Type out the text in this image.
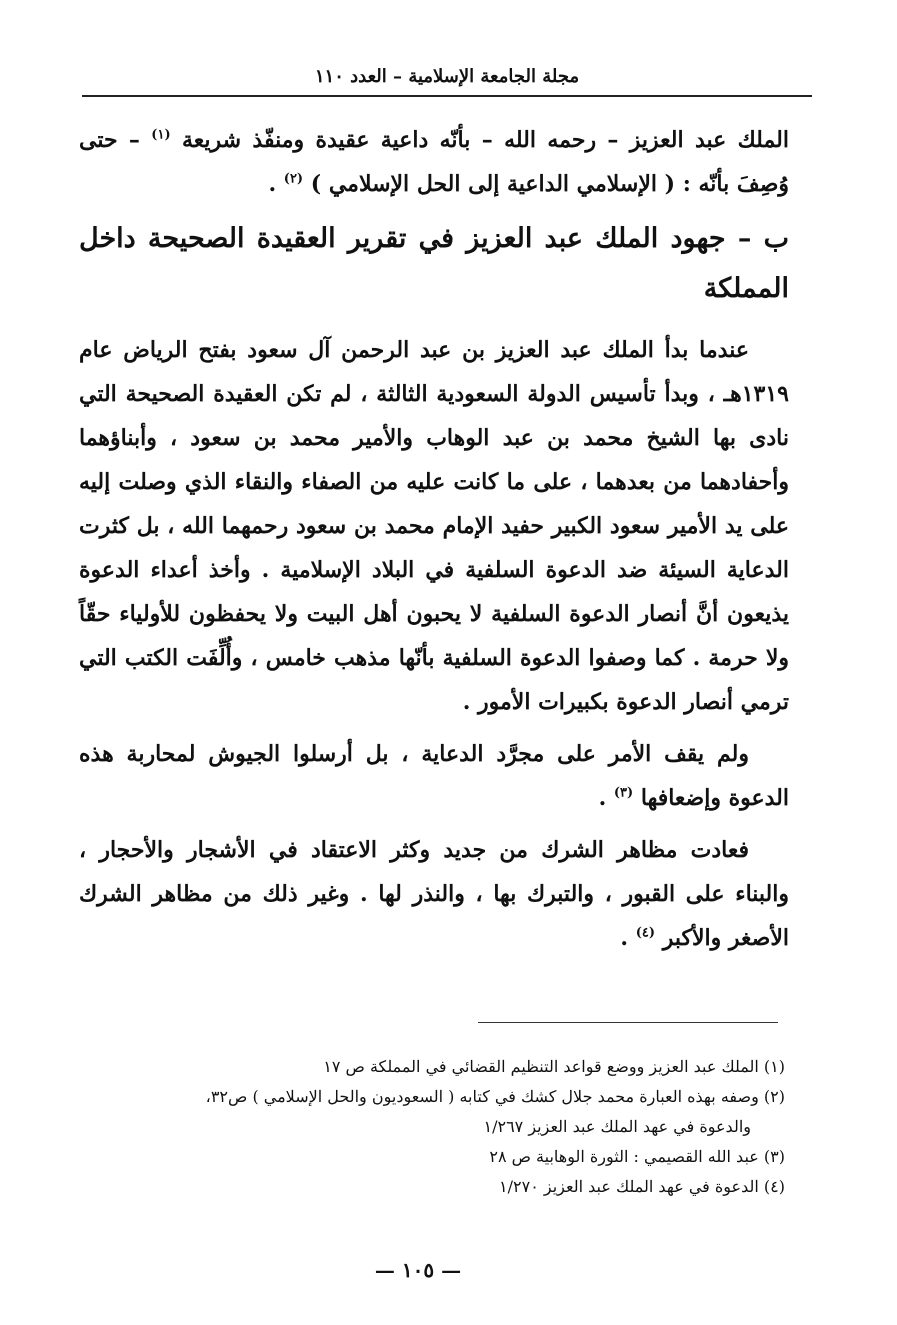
مجلة الجامعة الإسلامية – العدد ١١٠

الملك عبد العزيز – رحمه الله – بأنّه داعية عقيدة ومنفّذ شريعة $^{(١)}$ – حتى وُصِفَ بأنّه : ( الإسلامي الداعية إلى الحل الإسلامي ) $^{(٢)}$ .

ب – جهود الملك عبد العزيز في تقرير العقيدة الصحيحة داخل المملكة

عندما بدأ الملك عبد العزيز بن عبد الرحمن آل سعود بفتح الرياض عام ١٣١٩هـ ، وبدأ تأسيس الدولة السعودية الثالثة ، لم تكن العقيدة الصحيحة التي نادى بها الشيخ محمد بن عبد الوهاب والأمير محمد بن سعود ، وأبناؤهما وأحفادهما من بعدهما ، على ما كانت عليه من الصفاء والنقاء الذي وصلت إليه على يد الأمير سعود الكبير حفيد الإمام محمد بن سعود رحمهما الله ، بل كثرت الدعاية السيئة ضد الدعوة السلفية في البلاد الإسلامية . وأخذ أعداء الدعوة يذيعون أنَّ أنصار الدعوة السلفية لا يحبون أهل البيت ولا يحفظون للأولياء حقّاً ولا حرمة . كما وصفوا الدعوة السلفية بأنّها مذهب خامس ، وأُلِّفَت الكتب التي ترمي أنصار الدعوة بكبيرات الأمور .

ولم يقف الأمر على مجرَّد الدعاية ، بل أرسلوا الجيوش لمحاربة هذه الدعوة وإضعافها $^{(٣)}$ .

فعادت مظاهر الشرك من جديد وكثر الاعتقاد في الأشجار والأحجار ، والبناء على القبور ، والتبرك بها ، والنذر لها . وغير ذلك من مظاهر الشرك الأصغر والأكبر $^{(٤)}$ .

(١) الملك عبد العزيز ووضع قواعد التنظيم القضائي في المملكة ص ١٧
(٢) وصفه بهذه العبارة محمد جلال كشك في كتابه ( السعوديون والحل الإسلامي ) ص٣٢،
والدعوة في عهد الملك عبد العزيز ١/٢٦٧
(٣) عبد الله القصيمي : الثورة الوهابية ص ٢٨
(٤) الدعوة في عهد الملك عبد العزيز ١/٢٧٠
— ١٠٥ —
